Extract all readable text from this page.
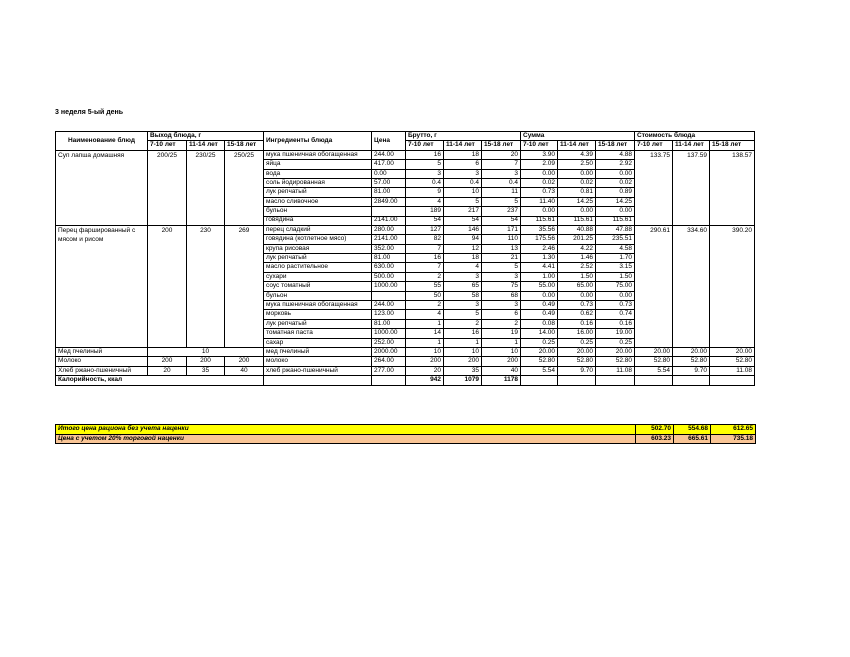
3 неделя 5-ый день
Наименование блюд	Выход блюда, г			Ингредиенты блюда	Цена	Брутто, г			Сумма			Стоимость блюда		
	7-10 лет	11-14 лет	15-18 лет			7-10 лет	11-14 лет	15-18 лет	7-10 лет	11-14 лет	15-18 лет	7-10 лет	11-14 лет	15-18 лет
Суп лапша домашняя	200/25	230/25	250/25	мука пшеничная обогащенная	244.00	16	18	20	3.90	4.39	4.88	133.75	137.59	138.57
				яйца	417.00	5	6	7	2.09	2.50	2.92			
				вода	0.00	3	3	3	0.00	0.00	0.00			
				соль йодированная	57.00	0.4	0.4	0.4	0.02	0.02	0.02			
				лук репчатый	81.00	9	10	11	0.73	0.81	0.89			
				масло сливочное	2849.00	4	5	5	11.40	14.25	14.25			
				бульон		189	217	237	0.00	0.00	0.00			
				говядина	2141.00	54	54	54	115.61	115.61	115.61			
Перец фаршированный с мясом и рисом	200	230	269	перец сладкий	280.00	127	146	171	35.56	40.88	47.88	290.61	334.60	390.20
				говядина (котлетное мясо)	2141.00	82	94	110	175.56	201.25	235.51			
				крупа рисовая	352.00	7	12	13	2.46	4.22	4.58			
				лук репчатый	81.00	16	18	21	1.30	1.46	1.70			
				масло растительное	630.00	7	4	5	4.41	2.52	3.15			
				сухари	500.00	2	3	3	1.00	1.50	1.50			
				соус томатный	1000.00	55	65	75	55.00	65.00	75.00			
				бульон		50	58	68	0.00	0.00	0.00			
				мука пшеничная обогащенная	244.00	2	3	3	0.49	0.73	0.73			
				морковь	123.00	4	5	6	0.49	0.62	0.74			
				лук репчатый	81.00	1	2	2	0.08	0.16	0.16			
				томатная паста	1000.00	14	16	19	14.00	16.00	19.00			
				сахар	252.00	1	1	1	0.25	0.25	0.25			
Мед пчелиный	10			мед пчелиный	2000.00	10	10	10	20.00	20.00	20.00	20.00	20.00	20.00
Молоко	200	200	200	молоко	264.00	200	200	200	52.80	52.80	52.80	52.80	52.80	52.80
Хлеб ржано-пшеничный	20	35	40	хлеб ржано-пшеничный	277.00	20	35	40	5.54	9.70	11.08	5.54	9.70	11.08
Калорийность, ккал						942	1079	1178						
Итого цена рациона без учета наценки	502.70	554.68	612.65
Цена с учетом 20% торговой наценки	603.23	665.61	735.18
